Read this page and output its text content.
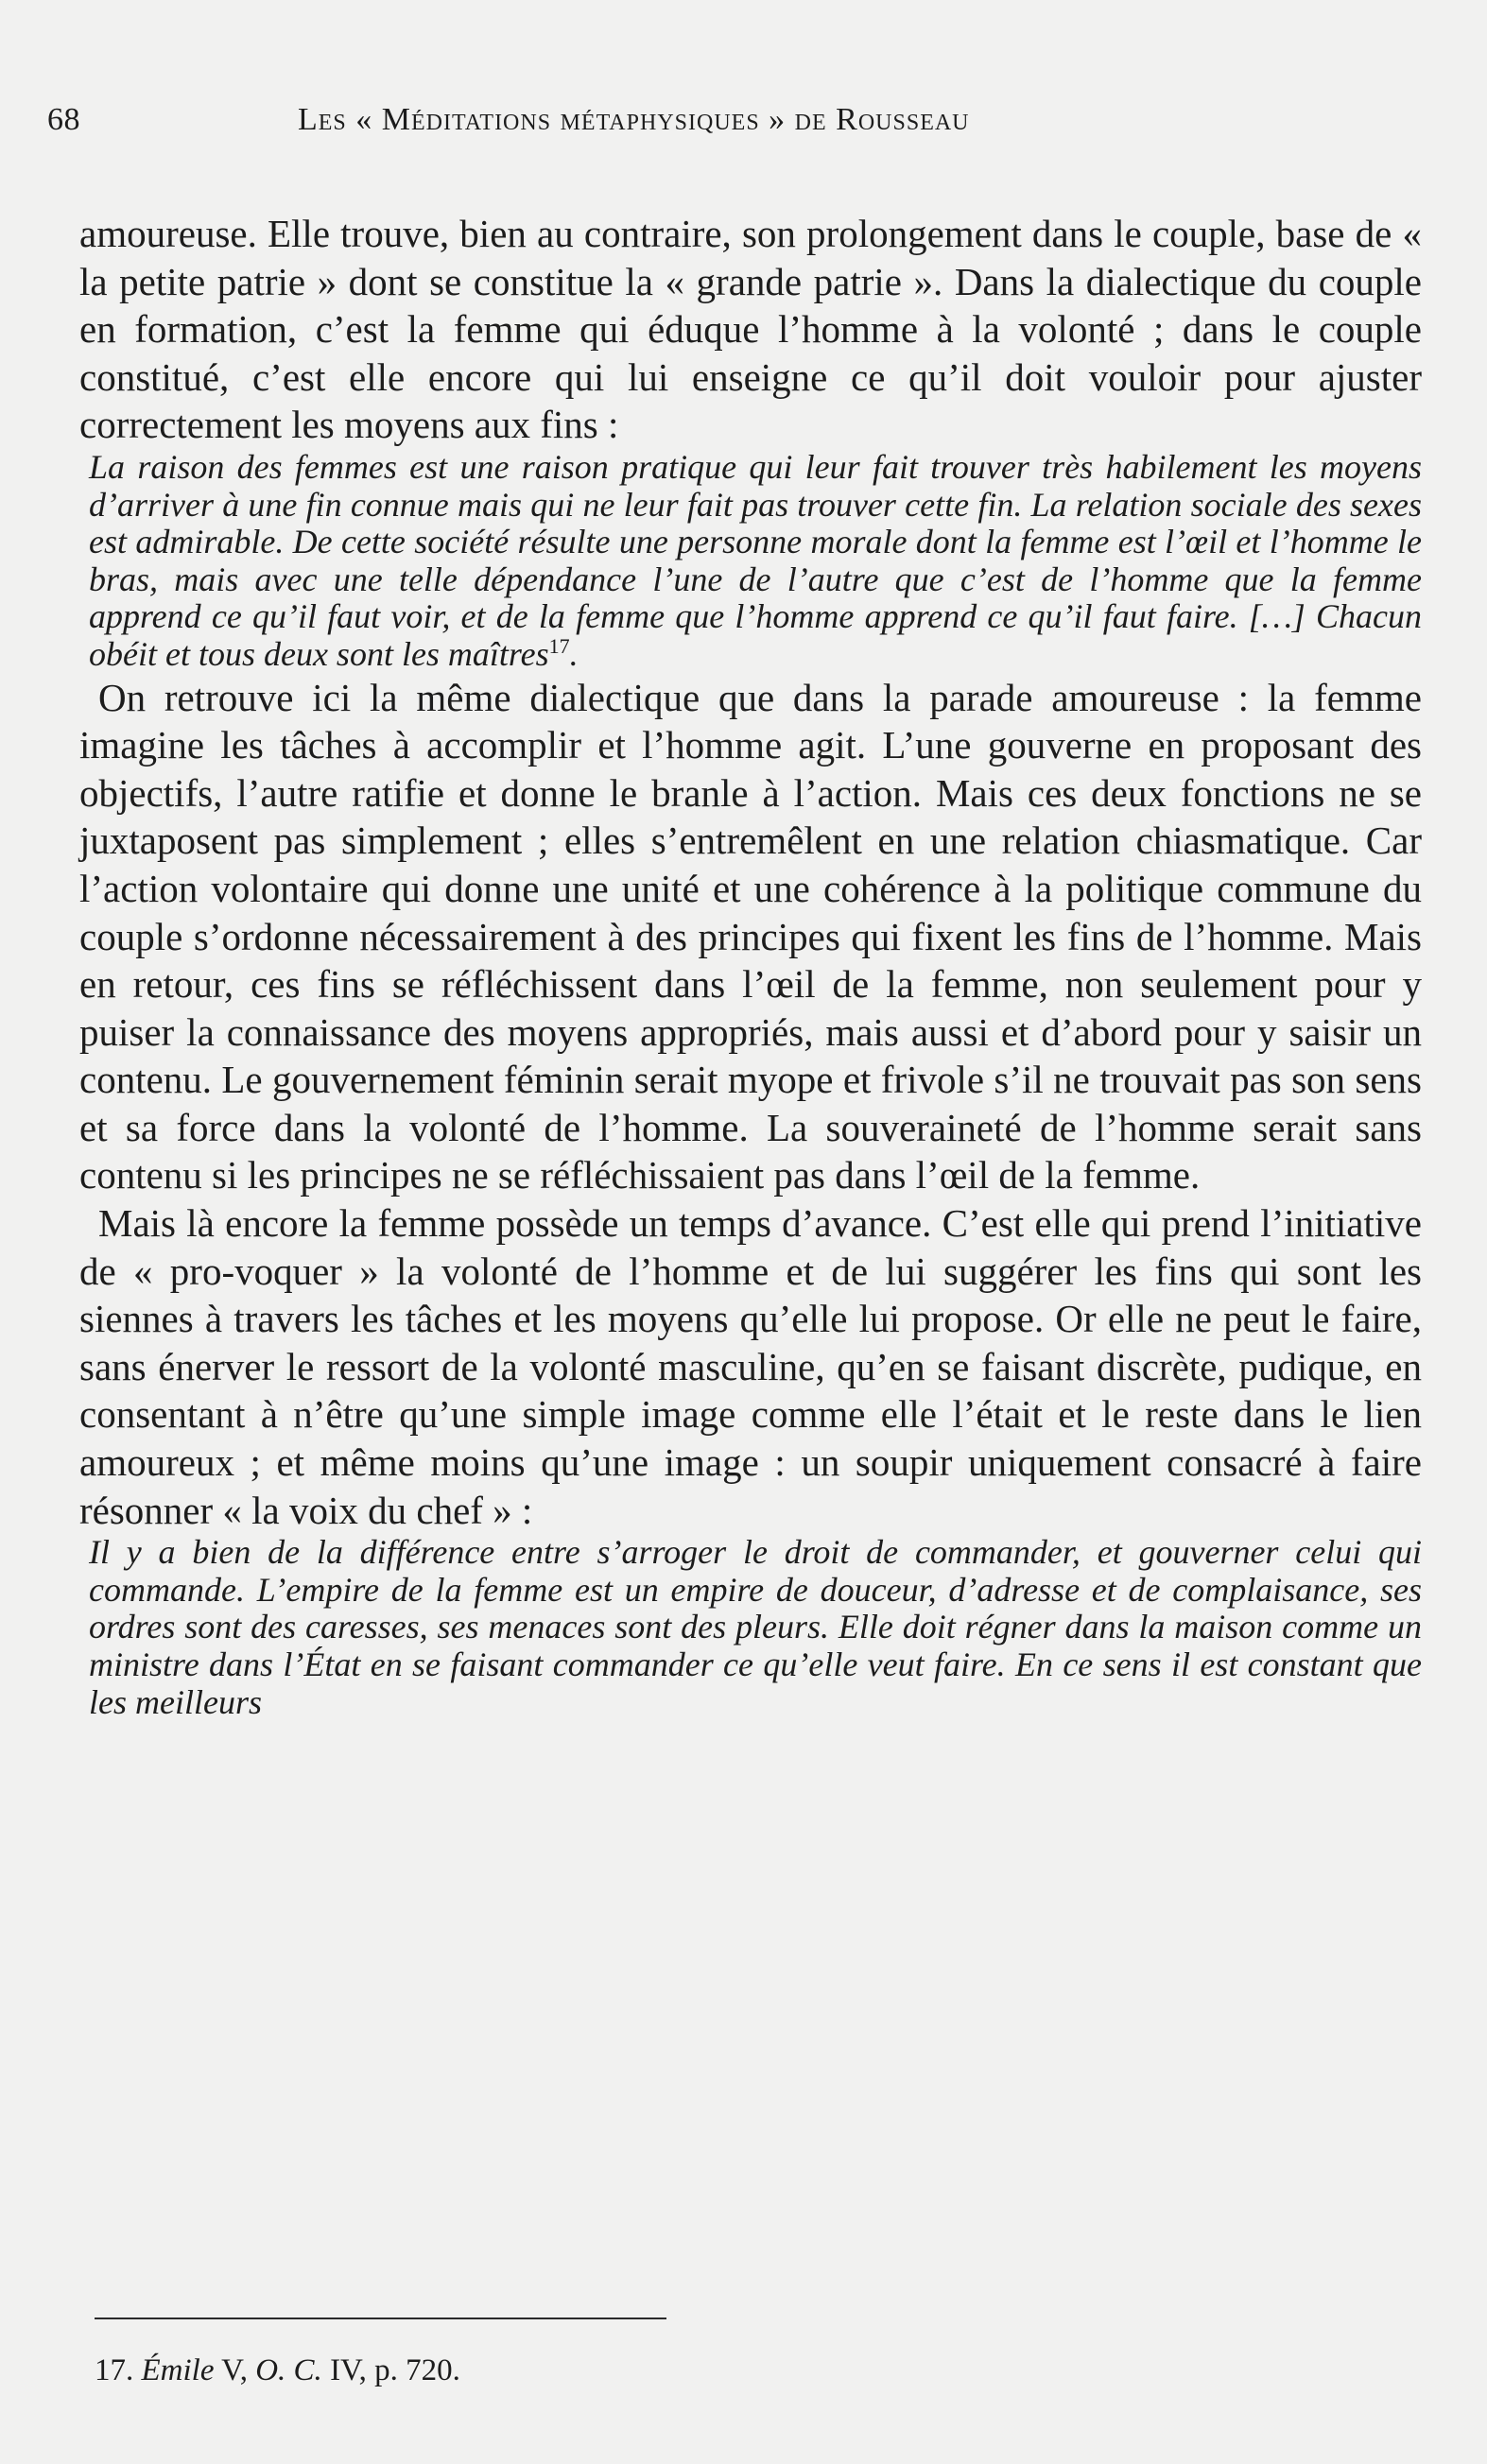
68	Les « Méditations métaphysiques » de Rousseau

amoureuse. Elle trouve, bien au contraire, son prolongement dans le couple, base de « la petite patrie » dont se constitue la « grande patrie ». Dans la dialectique du couple en formation, c’est la femme qui éduque l’homme à la volonté ; dans le couple constitué, c’est elle encore qui lui enseigne ce qu’il doit vouloir pour ajuster correctement les moyens aux fins :

La raison des femmes est une raison pratique qui leur fait trouver très habilement les moyens d’arriver à une fin connue mais qui ne leur fait pas trouver cette fin. La relation sociale des sexes est admirable. De cette société résulte une personne morale dont la femme est l’œil et l’homme le bras, mais avec une telle dépendance l’une de l’autre que c’est de l’homme que la femme apprend ce qu’il faut voir, et de la femme que l’homme apprend ce qu’il faut faire. […] Chacun obéit et tous deux sont les maîtres$^{17}$.

On retrouve ici la même dialectique que dans la parade amoureuse : la femme imagine les tâches à accomplir et l’homme agit. L’une gouverne en proposant des objectifs, l’autre ratifie et donne le branle à l’action. Mais ces deux fonctions ne se juxtaposent pas simplement ; elles s’entremêlent en une relation chiasmatique. Car l’action volontaire qui donne une unité et une cohérence à la politique commune du couple s’ordonne nécessairement à des principes qui fixent les fins de l’homme. Mais en retour, ces fins se réfléchissent dans l’œil de la femme, non seulement pour y puiser la connaissance des moyens appropriés, mais aussi et d’abord pour y saisir un contenu. Le gouvernement féminin serait myope et frivole s’il ne trouvait pas son sens et sa force dans la volonté de l’homme. La souveraineté de l’homme serait sans contenu si les principes ne se réfléchissaient pas dans l’œil de la femme.

Mais là encore la femme possède un temps d’avance. C’est elle qui prend l’initiative de « pro-voquer » la volonté de l’homme et de lui suggérer les fins qui sont les siennes à travers les tâches et les moyens qu’elle lui propose. Or elle ne peut le faire, sans énerver le ressort de la volonté masculine, qu’en se faisant discrète, pudique, en consentant à n’être qu’une simple image comme elle l’était et le reste dans le lien amoureux ; et même moins qu’une image : un soupir uniquement consacré à faire résonner « la voix du chef » :

Il y a bien de la différence entre s’arroger le droit de commander, et gouverner celui qui commande. L’empire de la femme est un empire de douceur, d’adresse et de complaisance, ses ordres sont des caresses, ses menaces sont des pleurs. Elle doit régner dans la maison comme un ministre dans l’État en se faisant commander ce qu’elle veut faire. En ce sens il est constant que les meilleurs

17. Émile V, O. C. IV, p. 720.
